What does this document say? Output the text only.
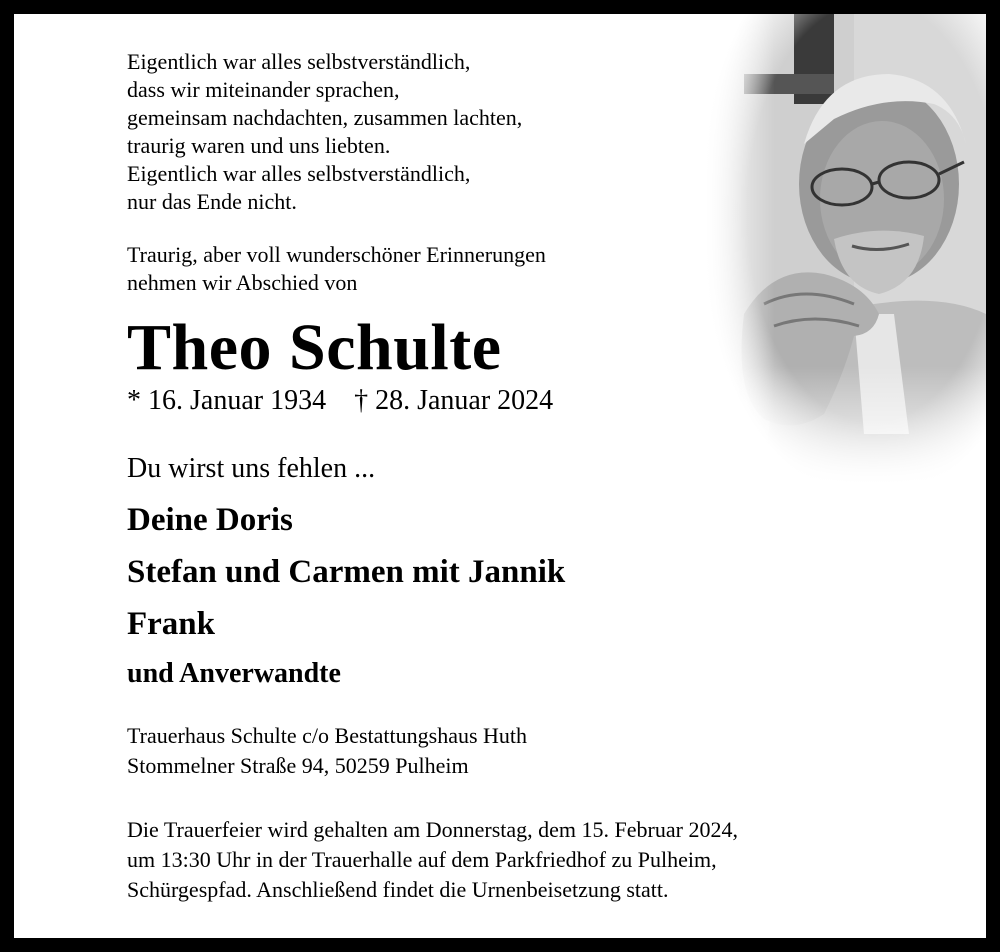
Eigentlich war alles selbstverständlich,
dass wir miteinander sprachen,
gemeinsam nachdachten, zusammen lachten,
traurig waren und uns liebten.
Eigentlich war alles selbstverständlich,
nur das Ende nicht.
Traurig, aber voll wunderschöner Erinnerungen
nehmen wir Abschied von
Theo Schulte
* 16. Januar 1934 † 28. Januar 2024
Du wirst uns fehlen ...
Deine Doris
Stefan und Carmen mit Jannik
Frank
und Anverwandte
Trauerhaus Schulte c/o Bestattungshaus Huth
Stommelner Straße 94, 50259 Pulheim
Die Trauerfeier wird gehalten am Donnerstag, dem 15. Februar 2024,
um 13:30 Uhr in der Trauerhalle auf dem Parkfriedhof zu Pulheim,
Schürgespfad. Anschließend findet die Urnenbeisetzung statt.
